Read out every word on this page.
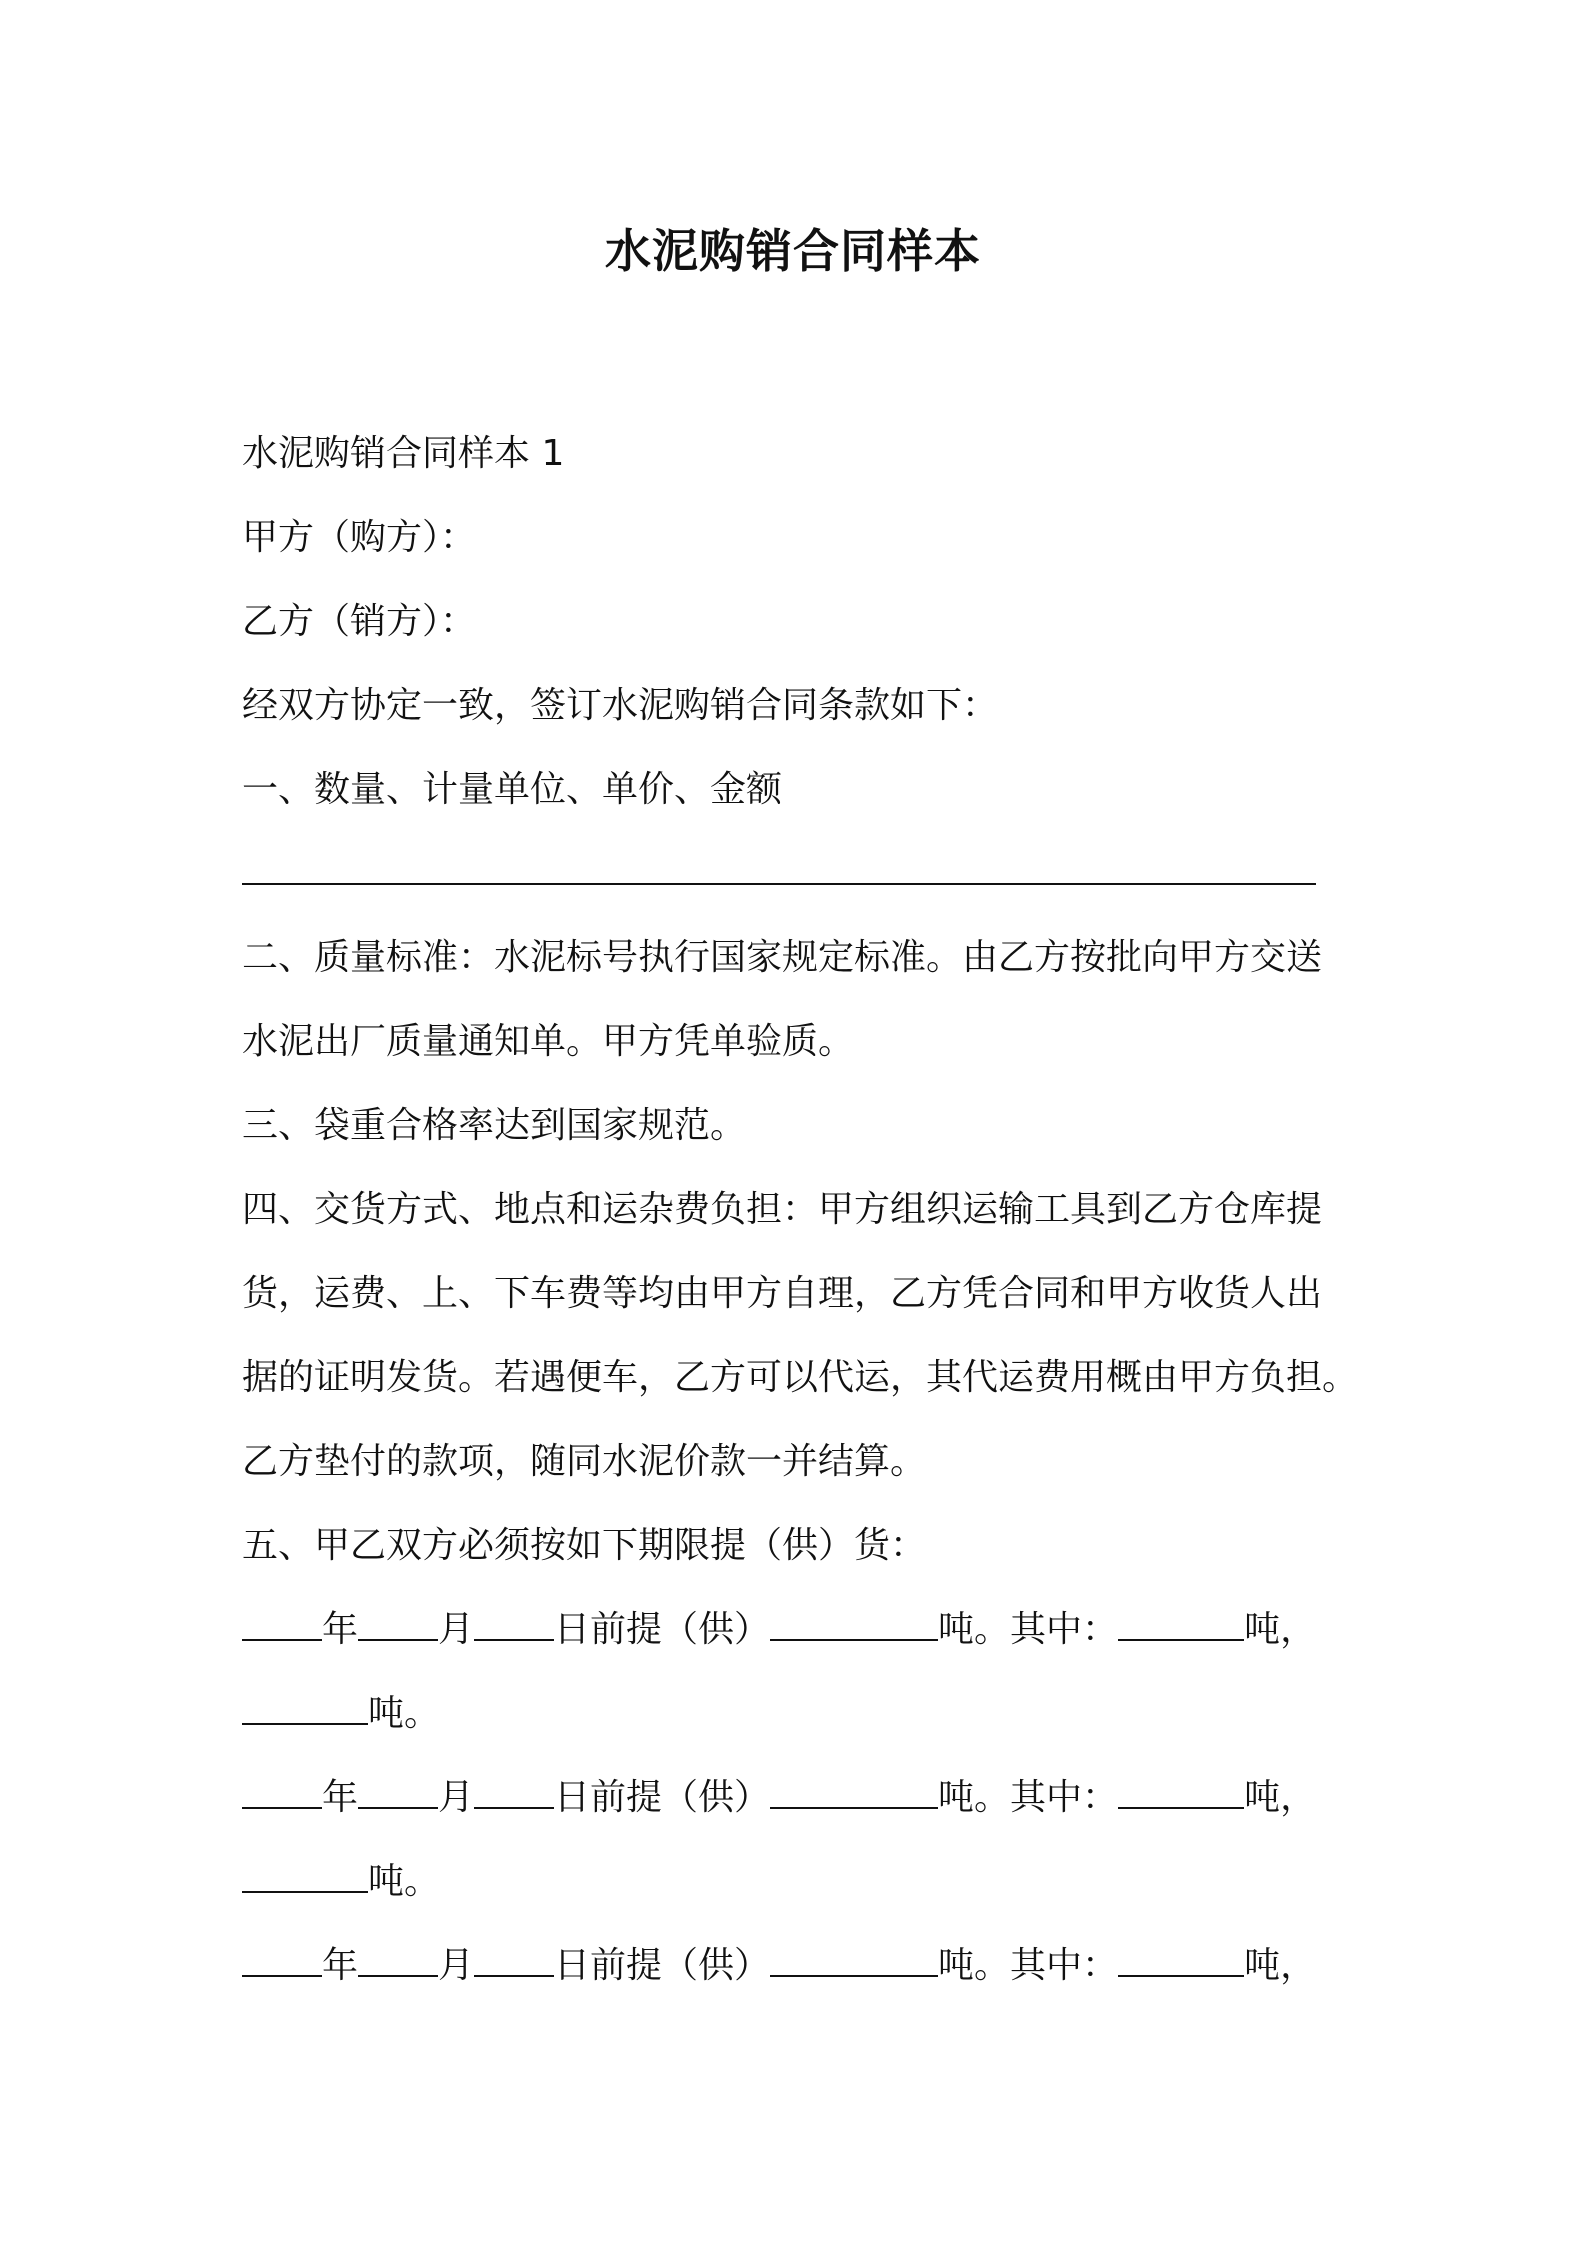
水泥购销合同样本

水泥购销合同样本 1

甲方（购方）：

乙方（销方）：

经双方协定一致，签订水泥购销合同条款如下：

一、数量、计量单位、单价、金额

二、质量标准：水泥标号执行国家规定标准。由乙方按批向甲方交送

水泥出厂质量通知单。甲方凭单验质。

三、袋重合格率达到国家规范。

四、交货方式、地点和运杂费负担：甲方组织运输工具到乙方仓库提

货，运费、上、下车费等均由甲方自理，乙方凭合同和甲方收货人出

据的证明发货。若遇便车，乙方可以代运，其代运费用概由甲方负担。

乙方垫付的款项，随同水泥价款一并结算。

五、甲乙双方必须按如下期限提（供）货：

年 月 日前提（供）	吨。其中：	吨，

吨。

年 月 日前提（供）	吨。其中：	吨，

吨。

年 月 日前提（供）	吨。其中：	吨，
